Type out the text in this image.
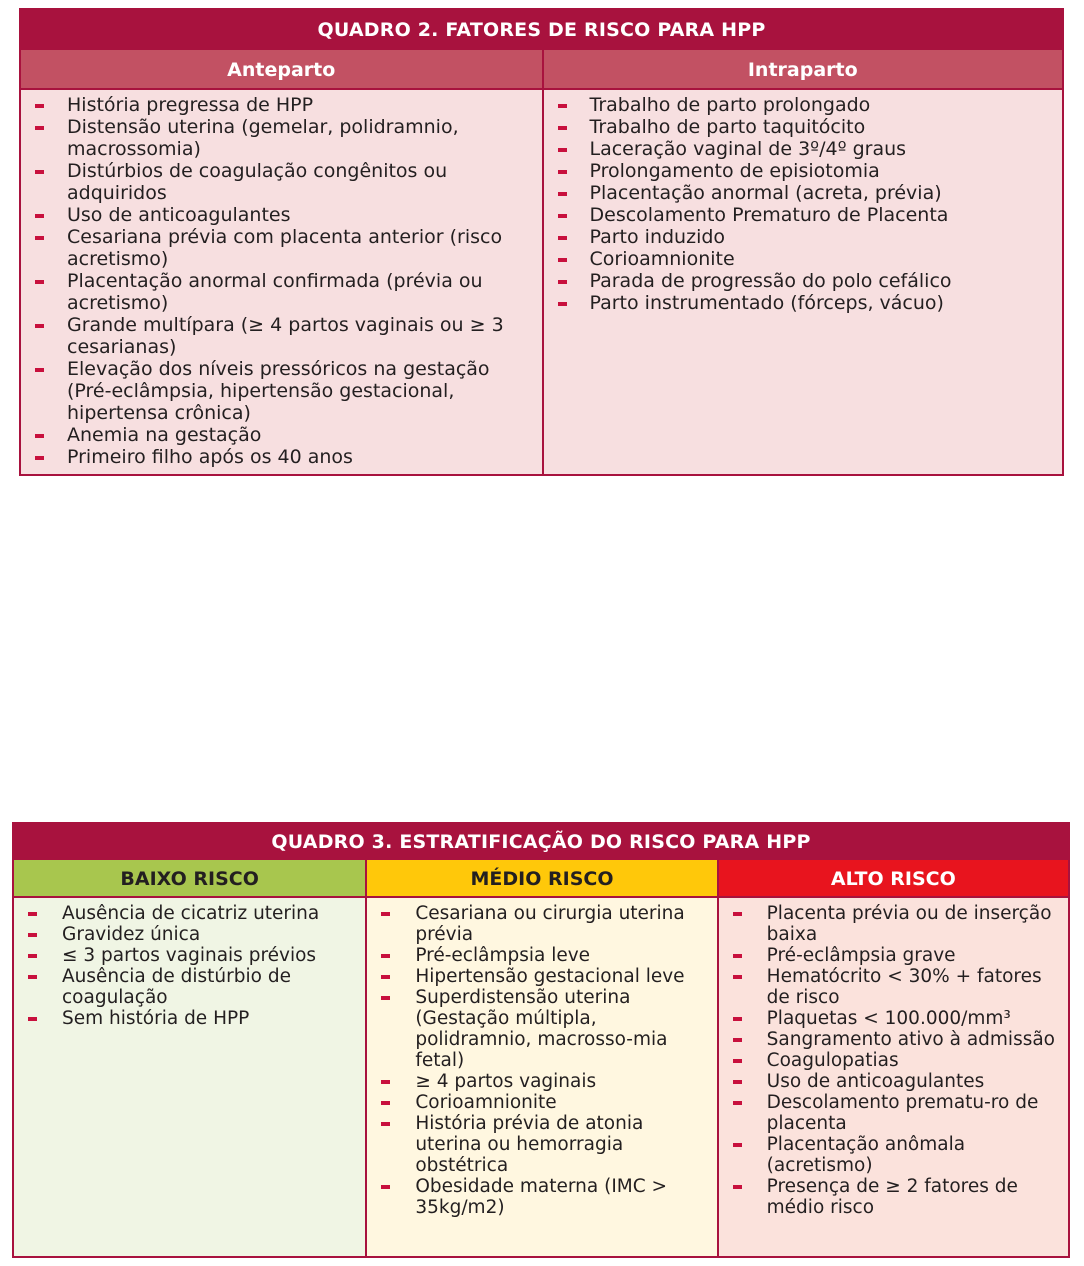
QUADRO 2. FATORES DE RISCO PARA HPP
Anteparto
História pregressa de HPP
Distensão uterina (gemelar, polidramnio, macrossomia)
Distúrbios de coagulação congênitos ou adquiridos
Uso de anticoagulantes
Cesariana prévia com placenta anterior (risco acretismo)
Placentação anormal confirmada (prévia ou acretismo)
Grande multípara (≥ 4 partos vaginais ou ≥ 3 cesarianas)
Elevação dos níveis pressóricos na gestação (Pré-eclâmpsia, hipertensão gestacional, hipertensa crônica)
Anemia na gestação
Primeiro filho após os 40 anos
Intraparto
Trabalho de parto prolongado
Trabalho de parto taquitócito
Laceração vaginal de 3º/4º graus
Prolongamento de episiotomia
Placentação anormal (acreta, prévia)
Descolamento Prematuro de Placenta
Parto induzido
Corioamnionite
Parada de progressão do polo cefálico
Parto instrumentado (fórceps, vácuo)
QUADRO 3. ESTRATIFICAÇÃO DO RISCO PARA HPP
BAIXO RISCO
Ausência de cicatriz uterina
Gravidez única
≤ 3 partos vaginais prévios
Ausência de distúrbio de coagulação
Sem história de HPP
MÉDIO RISCO
Cesariana ou cirurgia uterina prévia
Pré-eclâmpsia leve
Hipertensão gestacional leve
Superdistensão uterina (Gestação múltipla, polidramnio, macrosso-mia fetal)
≥ 4 partos vaginais
Corioamnionite
História prévia de atonia uterina ou hemorragia obstétrica
Obesidade materna (IMC > 35kg/m2)
ALTO RISCO
Placenta prévia ou de inserção baixa
Pré-eclâmpsia grave
Hematócrito < 30% + fatores de risco
Plaquetas < 100.000/mm³
Sangramento ativo à admissão
Coagulopatias
Uso de anticoagulantes
Descolamento prematu-ro de placenta
Placentação anômala (acretismo)
Presença de ≥ 2 fatores de médio risco
